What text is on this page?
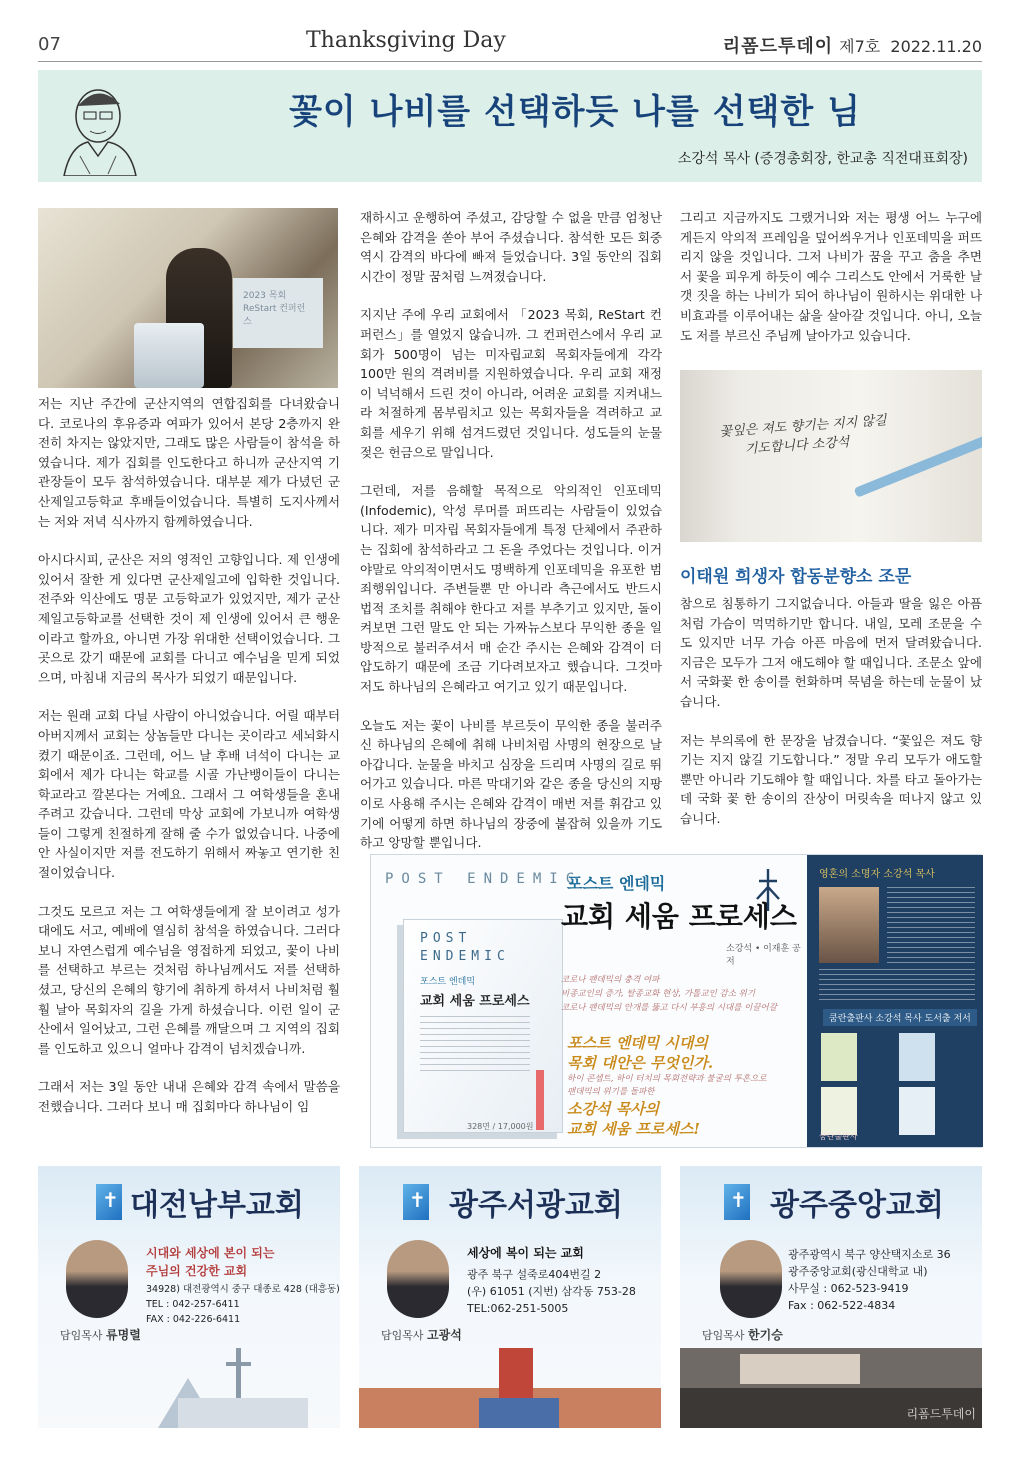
07	Thanksgiving Day	리폼드투데이 제7호 2022.11.20
꽃이 나비를 선택하듯 나를 선택한 님
소강석 목사 (증경총회장, 한교총 직전대표회장)
2023 목회 ReStart 컨퍼런스

저는 지난 주간에 군산지역의 연합집회를 다녀왔습니다. 코로나의 후유증과 여파가 있어서 본당 2층까지 완전히 차지는 않았지만, 그래도 많은 사람들이 참석을 하였습니다. 제가 집회를 인도한다고 하니까 군산지역 기관장들이 모두 참석하였습니다. 대부분 제가 다녔던 군산제일고등학교 후배들이었습니다. 특별히 도지사께서는 저와 저녁 식사까지 함께하였습니다.

아시다시피, 군산은 저의 영적인 고향입니다. 제 인생에 있어서 잘한 게 있다면 군산제일고에 입학한 것입니다. 전주와 익산에도 명문 고등학교가 있었지만, 제가 군산제일고등학교를 선택한 것이 제 인생에 있어서 큰 행운이라고 할까요, 아니면 가장 위대한 선택이었습니다. 그곳으로 갔기 때문에 교회를 다니고 예수님을 믿게 되었으며, 마침내 지금의 목사가 되었기 때문입니다.

저는 원래 교회 다닐 사람이 아니었습니다. 어릴 때부터 아버지께서 교회는 상놈들만 다니는 곳이라고 세뇌화시켰기 때문이죠. 그런데, 어느 날 후배 녀석이 다니는 교회에서 제가 다니는 학교를 시골 가난뱅이들이 다니는 학교라고 깔본다는 거예요. 그래서 그 여학생들을 혼내주려고 갔습니다. 그런데 막상 교회에 가보니까 여학생들이 그렇게 친절하게 잘해 줄 수가 없었습니다. 나중에 안 사실이지만 저를 전도하기 위해서 짜놓고 연기한 친절이었습니다.

그것도 모르고 저는 그 여학생들에게 잘 보이려고 성가대에도 서고, 예배에 열심히 참석을 하였습니다. 그러다보니 자연스럽게 예수님을 영접하게 되었고, 꽃이 나비를 선택하고 부르는 것처럼 하나님께서도 저를 선택하셨고, 당신의 은혜의 향기에 취하게 하셔서 나비처럼 훨훨 날아 목회자의 길을 가게 하셨습니다. 이런 일이 군산에서 일어났고, 그런 은혜를 깨달으며 그 지역의 집회를 인도하고 있으니 얼마나 감격이 넘치겠습니까.

그래서 저는 3일 동안 내내 은혜와 감격 속에서 말씀을 전했습니다. 그러다 보니 매 집회마다 하나님이 임

재하시고 운행하여 주셨고, 감당할 수 없을 만큼 엄청난 은혜와 감격을 쏟아 부어 주셨습니다. 참석한 모든 회중 역시 감격의 바다에 빠져 들었습니다. 3일 동안의 집회 시간이 정말 꿈처럼 느껴졌습니다.

지지난 주에 우리 교회에서 「2023 목회, ReStart 컨퍼런스」를 열었지 않습니까. 그 컨퍼런스에서 우리 교회가 500명이 넘는 미자립교회 목회자들에게 각각 100만 원의 격려비를 지원하였습니다. 우리 교회 재정이 넉넉해서 드린 것이 아니라, 어려운 교회를 지켜내느라 처절하게 몸부림치고 있는 목회자들을 격려하고 교회를 세우기 위해 섬겨드렸던 것입니다. 성도들의 눈물 젖은 헌금으로 말입니다.

그런데, 저를 음해할 목적으로 악의적인 인포데믹(Infodemic), 악성 루머를 퍼뜨리는 사람들이 있었습니다. 제가 미자립 목회자들에게 특정 단체에서 주관하는 집회에 참석하라고 그 돈을 주었다는 것입니다. 이거야말로 악의적이면서도 명백하게 인포데믹을 유포한 범죄행위입니다. 주변들뿐 만 아니라 측근에서도 반드시 법적 조치를 취해야 한다고 저를 부추기고 있지만, 돌이켜보면 그런 말도 안 되는 가짜뉴스보다 무익한 종을 일방적으로 불러주셔서 매 순간 주시는 은혜와 감격이 더 압도하기 때문에 조금 기다려보자고 했습니다. 그것마저도 하나님의 은혜라고 여기고 있기 때문입니다.

오늘도 저는 꽃이 나비를 부르듯이 무익한 종을 불러주신 하나님의 은혜에 취해 나비처럼 사명의 현장으로 날아갑니다. 눈물을 바치고 심장을 드리며 사명의 길로 뛰어가고 있습니다. 마른 막대기와 같은 종을 당신의 지팡이로 사용해 주시는 은혜와 감격이 매번 저를 휘감고 있기에 어떻게 하면 하나님의 장중에 붙잡혀 있을까 기도하고 앙망할 뿐입니다.

그리고 지금까지도 그랬거니와 저는 평생 어느 누구에게든지 악의적 프레임을 덮어씌우거나 인포데믹을 퍼뜨리지 않을 것입니다. 그저 나비가 꿈을 꾸고 춤을 추면서 꽃을 피우게 하듯이 예수 그리스도 안에서 거룩한 날갯 짓을 하는 나비가 되어 하나님이 원하시는 위대한 나비효과를 이루어내는 삶을 살아갈 것입니다. 아니, 오늘도 저를 부르신 주님께 날아가고 있습니다.

꽃잎은 져도 향기는 지지 않길
기도합니다 소강석
이태원 희생자 합동분향소 조문

참으로 침통하기 그지없습니다. 아들과 딸을 잃은 아픔처럼 가슴이 먹먹하기만 합니다. 내일, 모레 조문을 수도 있지만 너무 가슴 아픈 마음에 먼저 달려왔습니다. 지금은 모두가 그저 애도해야 할 때입니다. 조문소 앞에서 국화꽃 한 송이를 헌화하며 묵념을 하는데 눈물이 났습니다.

저는 부의록에 한 문장을 남겼습니다. “꽃잎은 져도 향기는 지지 않길 기도합니다.” 정말 우리 모두가 애도할 뿐만 아니라 기도해야 할 때입니다. 차를 타고 돌아가는데 국화 꽃 한 송이의 잔상이 머릿속을 떠나지 않고 있습니다.

POST ENDEMIC
POST ENDEMIC
포스트 엔데믹
교회 세움 프로세스
포스트 엔데믹
교회 세움 프로세스
소강석 • 이재훈 공저
코로나 팬데믹의 충격 여파
비종교인의 증가, 탈종교화 현상, 가톨교인 감소 위기
코로나 팬데믹의 안개를 뚫고 다시 부흥의 시대를 이끌어갈
포스트 엔데믹 시대의
목회 대안은 무엇인가.
하이 콘셉트, 하이 터치의 목회전략과 불굴의 투혼으로
팬데믹의 위기를 돌파한
소강석 목사의
교회 세움 프로세스!
328면 / 17,000원
영혼의 소명자 소강석 목사
쿰란출판사 소강석 목사 도서출 저서
쿰란출판사
✝
대전남부교회
담임목사 류명렬
시대와 세상에 본이 되는
주님의 건강한 교회
34928) 대전광역시 중구 대종로 428 (대흥동)
TEL : 042-257-6411
FAX : 042-226-6411
✝
광주서광교회
담임목사 고광석
세상에 복이 되는 교회
광주 북구 설죽로404번길 2
(우) 61051 (지번) 삼각동 753-28
TEL:062-251-5005
✝
광주중앙교회
담임목사 한기승
광주광역시 북구 양산택지소로 36
광주중앙교회(광신대학교 내)
사무실 : 062-523-9419
Fax : 062-522-4834
리폼드투데이
